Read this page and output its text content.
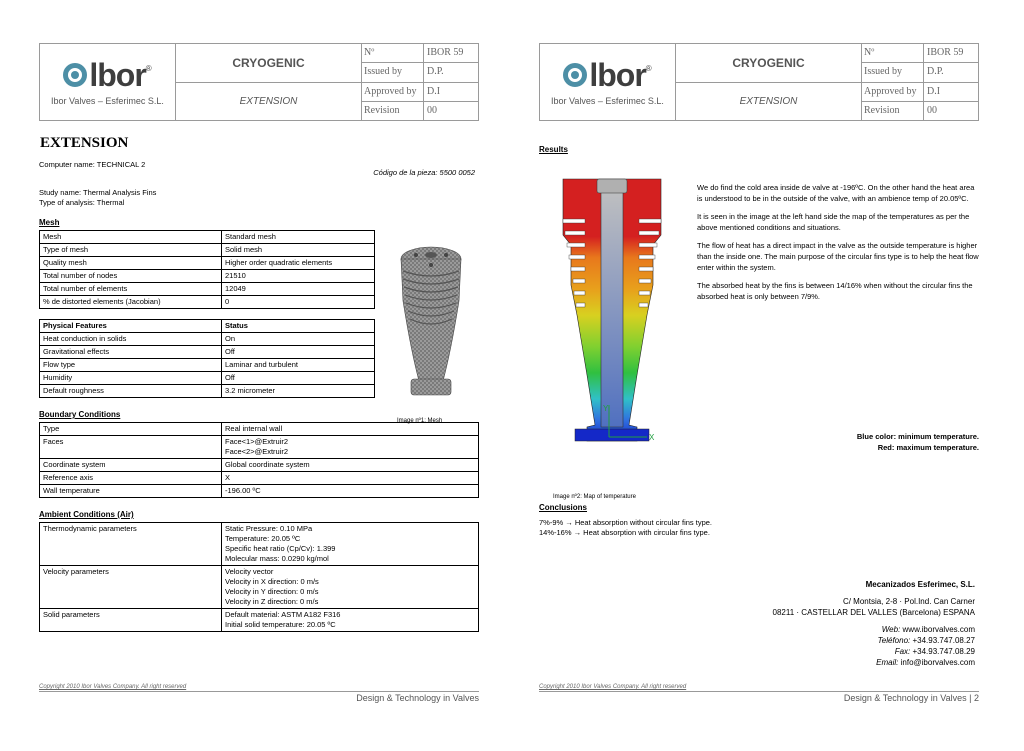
lbor ®
Ibor Valves – Esferimec S.L.
CRYOGENIC
EXTENSION
Nº	IBOR 59
Issued by	D.P.
Approved by	D.I
Revision	00
EXTENSION
Computer name: TECHNICAL 2
Código de la pieza: 5500 0052
Study name: Thermal Analysis Fins
Type of analysis: Thermal
Mesh
Mesh	Standard mesh
Type of mesh	Solid mesh
Quality mesh	Higher order quadratic elements
Total number of nodes	21510
Total number of elements	12049
% de distorted elements (Jacobian)	0
Physical Features	Status
Heat conduction in solids	On
Gravitational effects	Off
Flow type	Laminar and turbulent
Humidity	Off
Default roughness	3.2 micrometer
Image nº1: Mesh
Boundary Conditions
Type	Real internal wall
Faces	Face<1>@Extruir2
Face<2>@Extruir2
Coordinate system	Global coordinate system
Reference axis	X
Wall temperature	-196.00 ºC
Ambient Conditions (Air)
Thermodynamic parameters	Static Pressure: 0.10 MPa
Temperature: 20.05 ºC
Specific heat ratio (Cp/Cv): 1.399
Molecular mass: 0.0290 kg/mol
Velocity parameters	Velocity vector
Velocity in X direction: 0 m/s
Velocity in Y direction: 0 m/s
Velocity in Z direction: 0 m/s
Solid parameters	Default material: ASTM A182 F316
Initial solid temperature: 20.05 ºC
Copyright 2010 Ibor Valves Company. All right reserved
Design & Technology in Valves
lbor ®
Ibor Valves – Esferimec S.L.
CRYOGENIC
EXTENSION
Nº	IBOR 59
Issued by	D.P.
Approved by	D.I
Revision	00
Results
Y
X
Image nº2: Map of temperature

We do find the cold area inside de valve at -196ºC. On the other hand the heat area is understood to be in the outside of the valve, with an ambience temp of 20.05ºC.

It is seen in the image at the left hand side the map of the temperatures as per the above mentioned conditions and situations.

The flow of heat has a direct impact in the valve as the outside temperature is higher than the inside one. The main purpose of the circular fins type is to help the heat flow enter within the system.

The absorbed heat by the fins is between 14/16% when without the circular fins the absorbed heat is only between 7/9%.

Blue color: minimum temperature.
Red: maximum temperature.
Conclusions
7%-9% → Heat absorption without circular fins type.
14%-16% → Heat absorption with circular fins type.
Mecanizados Esferimec, S.L.
C/ Montsia, 2-8 · Pol.Ind. Can Carner
08211 · CASTELLAR DEL VALLES (Barcelona) ESPANA
Web: www.iborvalves.com
Teléfono: +34.93.747.08.27
Fax: +34.93.747.08.29
Email: info@iborvalves.com
Copyright 2010 Ibor Valves Company. All right reserved
Design & Technology in Valves | 2
